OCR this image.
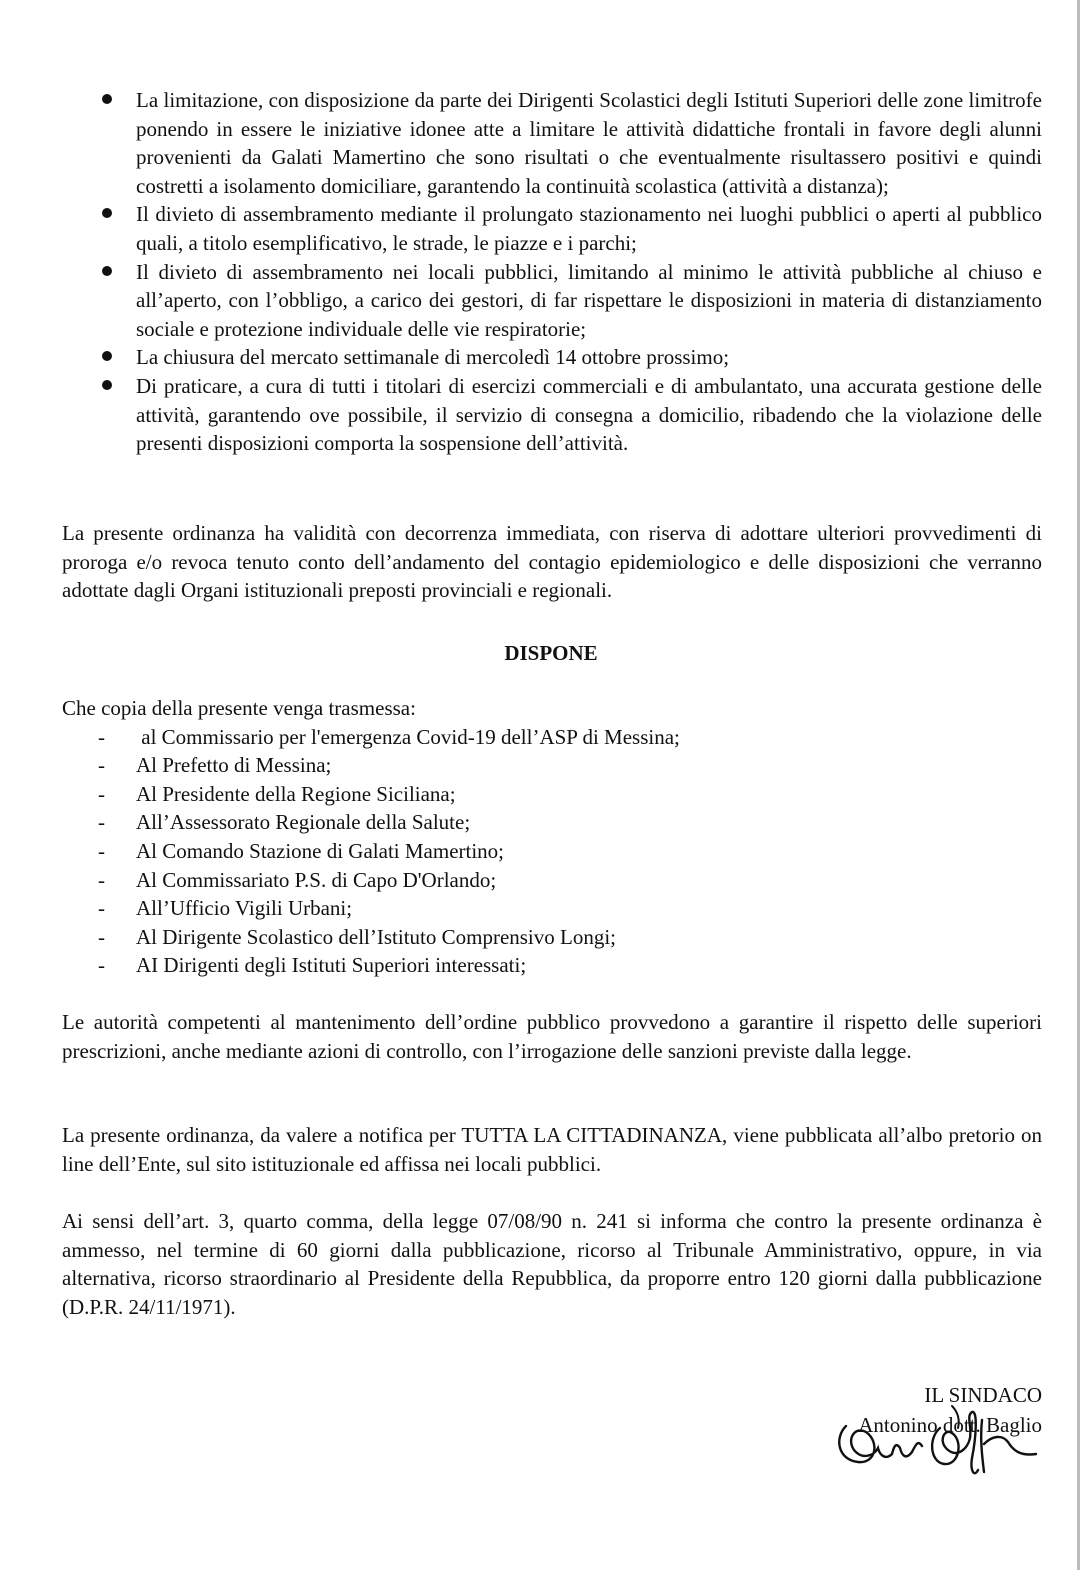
La limitazione, con disposizione da parte dei Dirigenti Scolastici degli Istituti Superiori delle zone limitrofe ponendo in essere le iniziative idonee atte a limitare le attività didattiche frontali in favore degli alunni provenienti da Galati Mamertino che sono risultati o che eventualmente risultassero positivi e quindi costretti a isolamento domiciliare, garantendo la continuità scolastica (attività a distanza);
Il divieto di assembramento mediante il prolungato stazionamento nei luoghi pubblici o aperti al pubblico quali, a titolo esemplificativo, le strade, le piazze e i parchi;
Il divieto di assembramento nei locali pubblici, limitando al minimo le attività pubbliche al chiuso e all’aperto, con l’obbligo, a carico dei gestori, di far rispettare le disposizioni in materia di distanziamento sociale e protezione individuale delle vie respiratorie;
La chiusura del mercato settimanale di mercoledì 14 ottobre prossimo;
Di praticare, a cura di tutti i titolari di esercizi commerciali e di ambulantato, una accurata gestione delle attività, garantendo ove possibile, il servizio di consegna a domicilio, ribadendo che la violazione delle presenti disposizioni comporta la sospensione dell’attività.

La presente ordinanza ha validità con decorrenza immediata, con riserva di adottare ulteriori provvedimenti di proroga e/o revoca tenuto conto dell’andamento del contagio epidemiologico e delle disposizioni che verranno adottate dagli Organi istituzionali preposti provinciali e regionali.

DISPONE

Che copia della presente venga trasmessa:

- al Commissario per l'emergenza Covid-19 dell’ASP di Messina;
- Al Prefetto di Messina;
- Al Presidente della Regione Siciliana;
- All’Assessorato Regionale della Salute;
- Al Comando Stazione di Galati Mamertino;
- Al Commissariato P.S. di Capo D'Orlando;
- All’Ufficio Vigili Urbani;
- Al Dirigente Scolastico dell’Istituto Comprensivo Longi;
- AI Dirigenti degli Istituti Superiori interessati;

Le autorità competenti al mantenimento dell’ordine pubblico provvedono a garantire il rispetto delle superiori prescrizioni, anche mediante azioni di controllo, con l’irrogazione delle sanzioni previste dalla legge.

La presente ordinanza, da valere a notifica per TUTTA LA CITTADINANZA, viene pubblicata all’albo pretorio on line dell’Ente, sul sito istituzionale ed affissa nei locali pubblici.

Ai sensi dell’art. 3, quarto comma, della legge 07/08/90 n. 241 si informa che contro la presente ordinanza è ammesso, nel termine di 60 giorni dalla pubblicazione, ricorso al Tribunale Amministrativo, oppure, in via alternativa, ricorso straordinario al Presidente della Repubblica, da proporre entro 120 giorni dalla pubblicazione (D.P.R. 24/11/1971).

IL SINDACO
Antonino dott. Baglio
